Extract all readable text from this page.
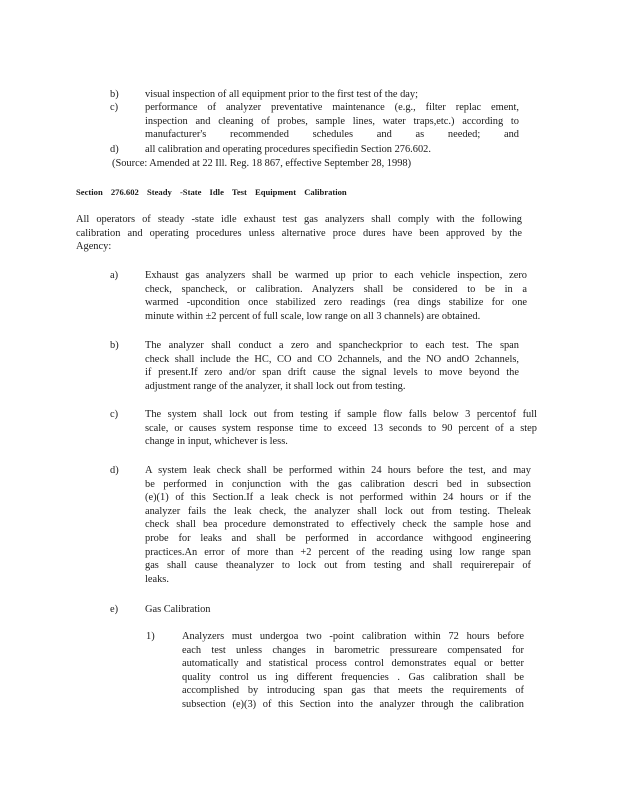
b)	visual inspection of all equipment prior to the first test of the day;
c)	performance of analyzer preventative maintenance (e.g., filter replac ement,
inspection and cleaning of probes, sample lines, water traps,etc.) according to
manufacturer's recommended schedules and as needed; and
d)	all calibration and operating procedures specifiedin Section 276.602.
(Source: Amended at 22 Ill. Reg. 18 867, effective September 28, 1998)
Section 276.602 Steady -State Idle Test Equipment Calibration
All operators of steady -state idle exhaust test gas analyzers shall comply with the following
calibration and operating procedures unless alternative proce dures have been approved by the
Agency:
a)	Exhaust gas analyzers shall be warmed up prior to each vehicle inspection, zero
check, spancheck, or calibration. Analyzers shall be considered to be in a
warmed -upcondition once stabilized zero readings (rea dings stabilize for one
minute within ±2 percent of full scale, low range on all 3 channels) are obtained.
b)	The analyzer shall conduct a zero and spancheckprior to each test. The span
check shall include the HC, CO and CO 2channels, and the NO andO 2channels,
if present.If zero and/or span drift cause the signal levels to move beyond the
adjustment range of the analyzer, it shall lock out from testing.
c)	The system shall lock out from testing if sample flow falls below 3 percentof full
scale, or causes system response time to exceed 13 seconds to 90 percent of a step
change in input, whichever is less.
d)	A system leak check shall be performed within 24 hours before the test, and may
be performed in conjunction with the gas calibration descri bed in subsection
(e)(1) of this Section.If a leak check is not performed within 24 hours or if the
analyzer fails the leak check, the analyzer shall lock out from testing. Theleak
check shall bea procedure demonstrated to effectively check the sample hose and
probe for leaks and shall be performed in accordance withgood engineering
practices.An error of more than +2 percent of the reading using low range span
gas shall cause theanalyzer to lock out from testing and shall requirerepair of
leaks.
e)	Gas Calibration
1)	Analyzers must undergoa two -point calibration within 72 hours before
each test unless changes in barometric pressureare compensated for
automatically and statistical process control demonstrates equal or better
quality control us ing different frequencies . Gas calibration shall be
accomplished by introducing span gas that meets the requirements of
subsection (e)(3) of this Section into the analyzer through the calibration
